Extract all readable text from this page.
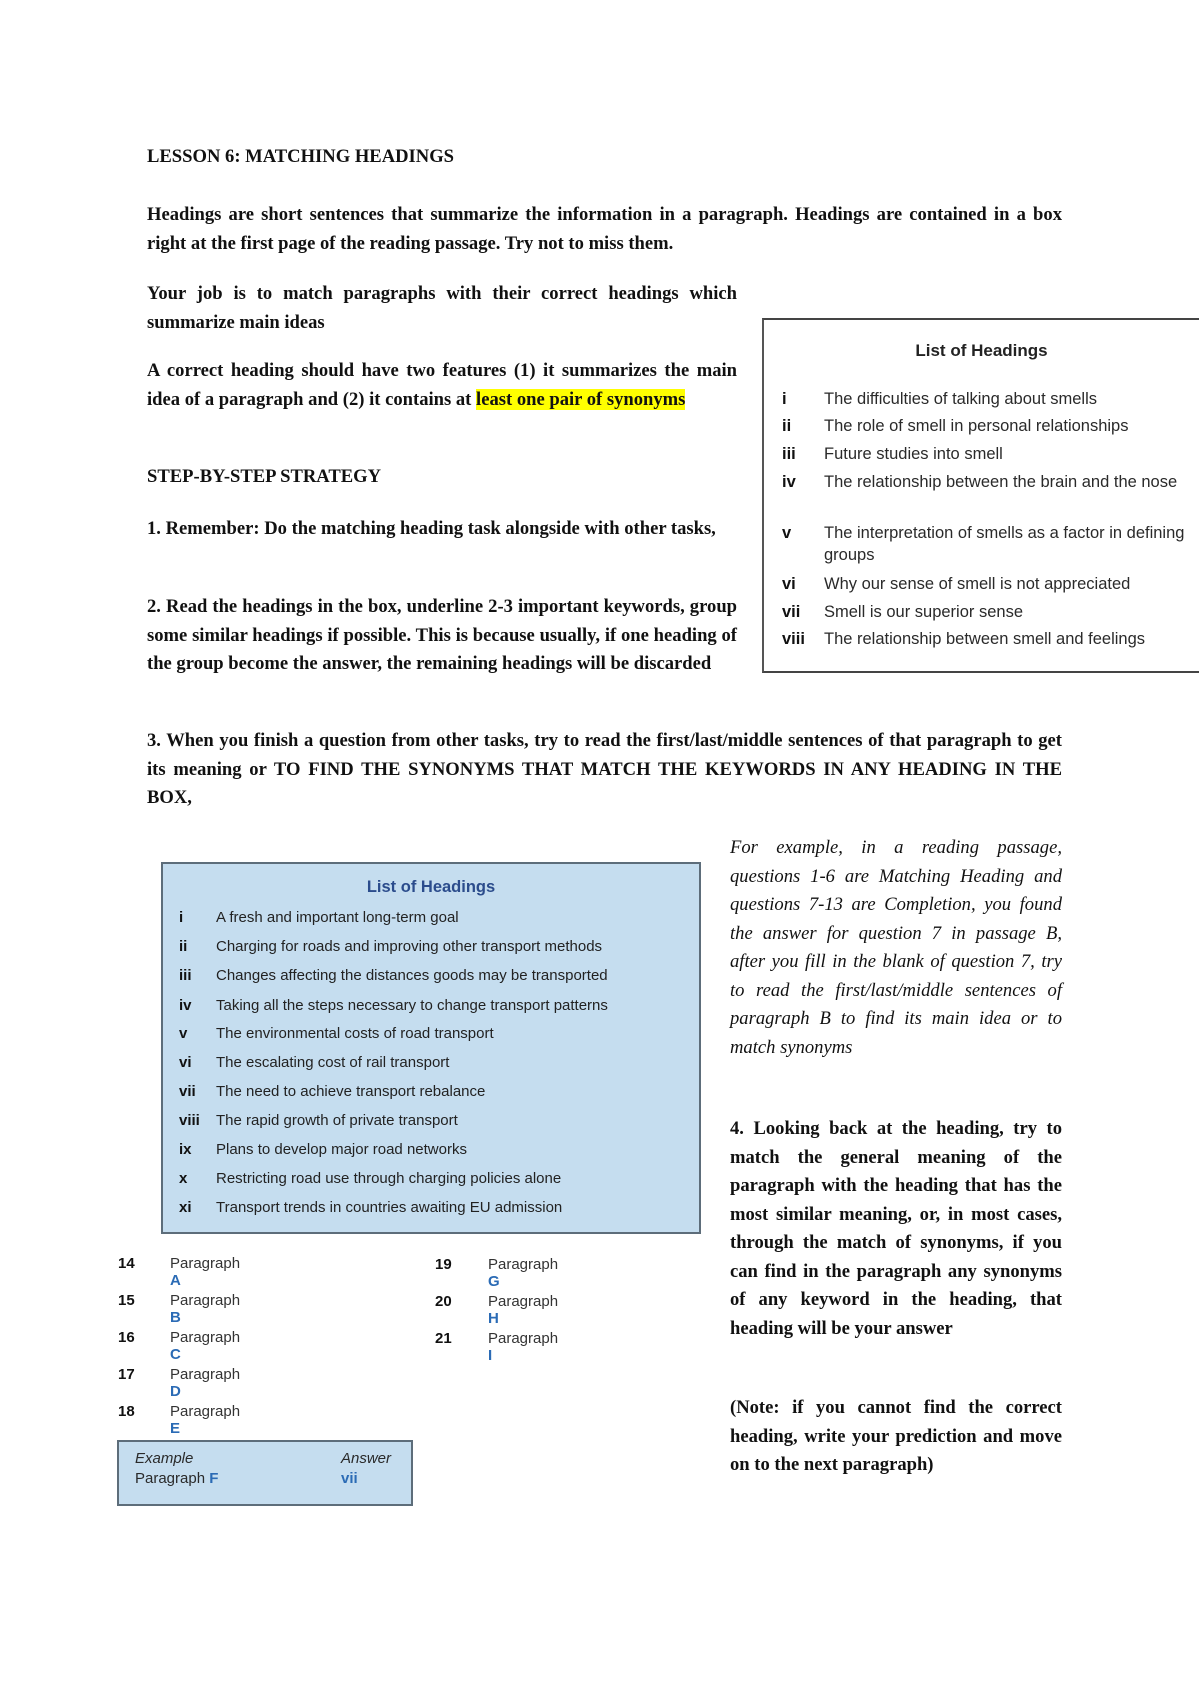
LESSON 6: MATCHING HEADINGS
Headings are short sentences that summarize the information in a paragraph. Headings are contained in a box right at the first page of the reading passage. Try not to miss them.
Your job is to match paragraphs with their correct headings which summarize main ideas
A correct heading should have two features (1) it summarizes the main idea of a paragraph and (2) it contains at least one pair of synonyms
STEP-BY-STEP STRATEGY
1. Remember: Do the matching heading task alongside with other tasks,
2. Read the headings in the box, underline 2-3 important keywords, group some similar headings if possible. This is because usually, if one heading of the group become the answer, the remaining headings will be discarded
3. When you finish a question from other tasks, try to read the first/last/middle sentences of that paragraph to get its meaning or TO FIND THE SYNONYMS THAT MATCH THE KEYWORDS IN ANY HEADING IN THE BOX,
For example, in a reading passage, questions 1-6 are Matching Heading and questions 7-13 are Completion, you found the answer for question 7 in passage B, after you fill in the blank of question 7, try to read the first/last/middle sentences of paragraph B to find its main idea or to match synonyms
4. Looking back at the heading, try to match the general meaning of the paragraph with the heading that has the most similar meaning, or, in most cases, through the match of synonyms, if you can find in the paragraph any synonyms of any keyword in the heading, that heading will be your answer
(Note: if you cannot find the correct heading, write your prediction and move on to the next paragraph)
List of Headings
i	The difficulties of talking about smells
ii	The role of smell in personal relationships
iii	Future studies into smell
iv	The relationship between the brain and the nose
v	The interpretation of smells as a factor in defining groups
vi	Why our sense of smell is not appreciated
vii	Smell is our superior sense
viii	The relationship between smell and feelings
List of Headings
i	A fresh and important long-term goal
ii	Charging for roads and improving other transport methods
iii	Changes affecting the distances goods may be transported
iv	Taking all the steps necessary to change transport patterns
v	The environmental costs of road transport
vi	The escalating cost of rail transport
vii	The need to achieve transport rebalance
viii	The rapid growth of private transport
ix	Plans to develop major road networks
x	Restricting road use through charging policies alone
xi	Transport trends in countries awaiting EU admission
14 Paragraph A
15 Paragraph B
16 Paragraph C
17 Paragraph D
18 Paragraph E
19 Paragraph G
20 Paragraph H
21 Paragraph I
Example	Answer
Paragraph F	vii
